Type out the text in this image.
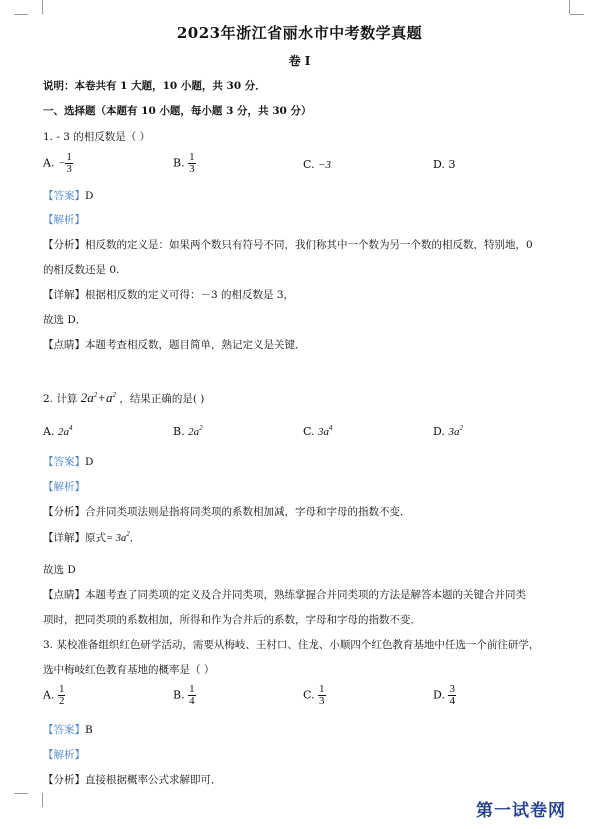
2023年浙江省丽水市中考数学真题
卷 I
说明：本卷共有 1 大题，10 小题，共 30 分．
一、选择题（本题有 10 小题，每小题 3 分，共 30 分）
1. - 3 的相反数是（ ）
A. − $\frac{1}{3}$	B. $\frac{1}{3}$	C. −3	D. 3
【答案】D
【解析】
【分析】相反数的定义是：如果两个数只有符号不同，我们称其中一个数为另一个数的相反数，特别地，0
的相反数还是 0.
【详解】根据相反数的定义可得：－3 的相反数是 3，
故选 D．
【点睛】本题考查相反数，题目简单，熟记定义是关键．
2. 计算 $2a^2+a^2$ ，结果正确的是( )
A. $2a^4$	B. $2a^2$	C. $3a^4$	D. $3a^2$
【答案】D
【解析】
【分析】合并同类项法则是指将同类项的系数相加减，字母和字母的指数不变．
【详解】原式= $3a^2$．
故选 D
【点睛】本题考查了同类项的定义及合并同类项，熟练掌握合并同类项的方法是解答本题的关键合并同类
项时，把同类项的系数相加，所得和作为合并后的系数，字母和字母的指数不变．
3. 某校准备组织红色研学活动，需要从梅岐、王村口、住龙、小顺四个红色教育基地中任选一个前往研学，
选中梅岐红色教育基地的概率是（ ）
A. $\frac{1}{2}$	B. $\frac{1}{4}$	C. $\frac{1}{3}$	D. $\frac{3}{4}$
【答案】B
【解析】
【分析】直接根据概率公式求解即可．
第一试卷网
